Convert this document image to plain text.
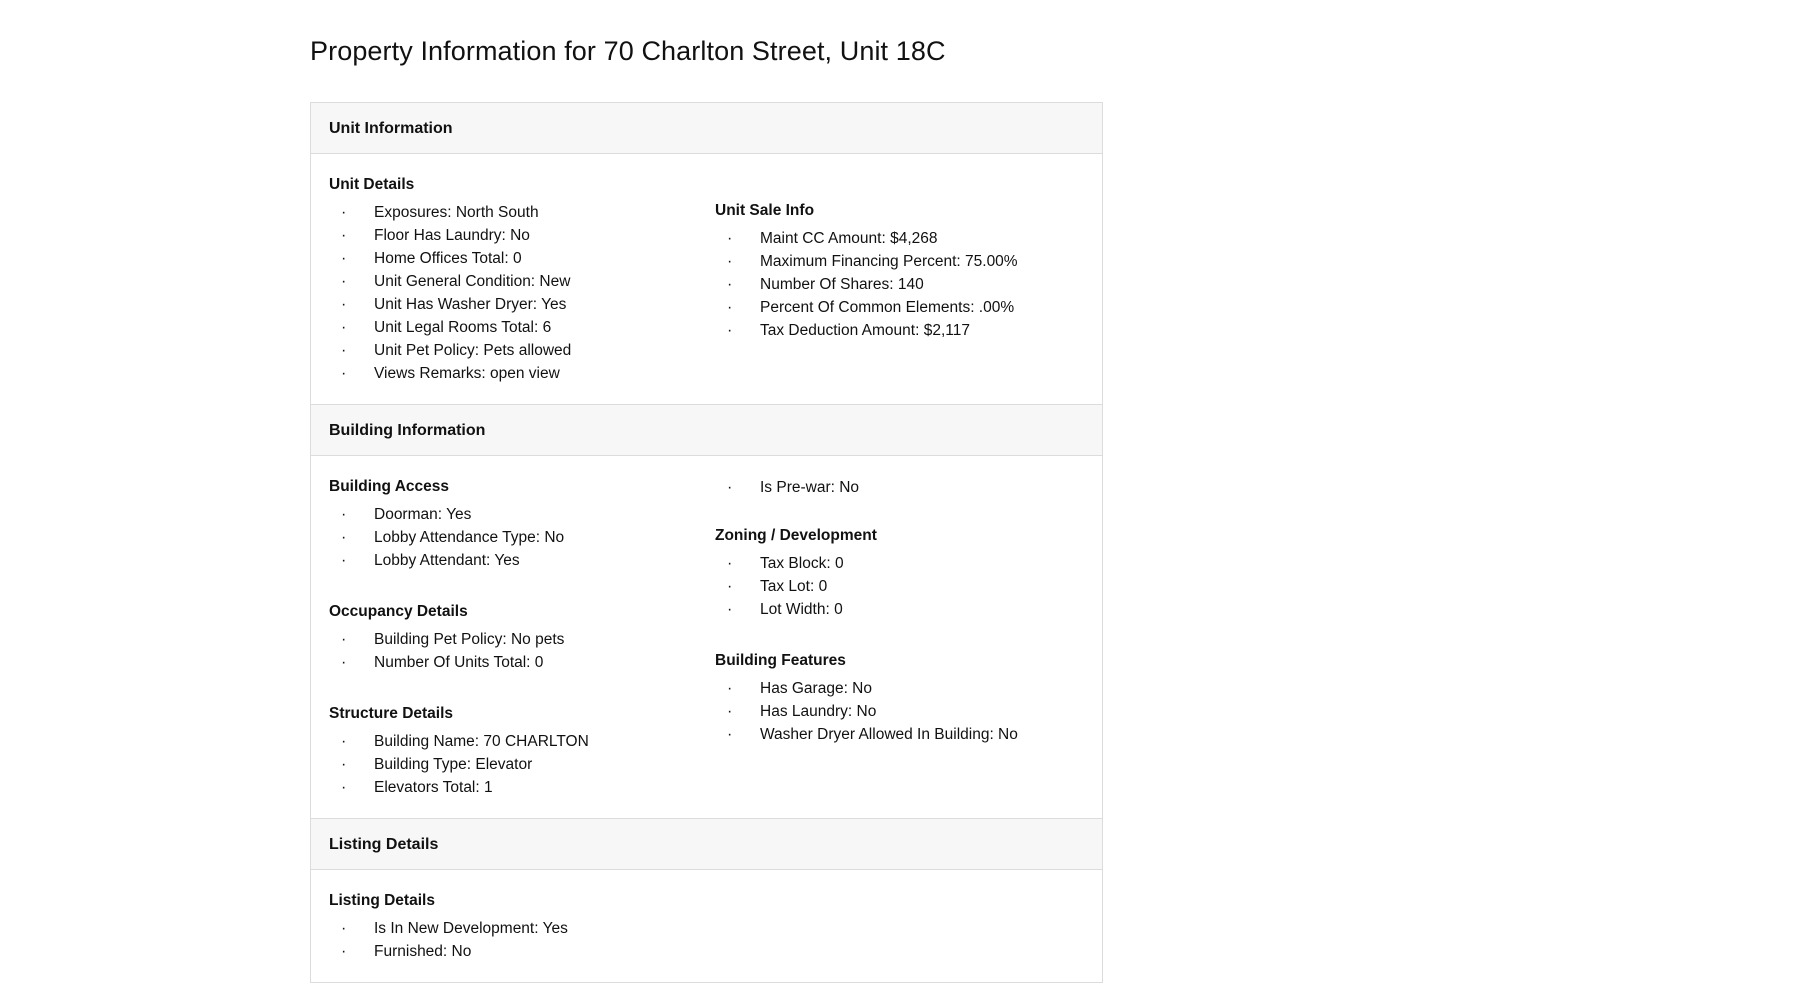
Property Information for 70 Charlton Street, Unit 18C
Unit Information
Unit Details
· Exposures: North South
· Floor Has Laundry: No
· Home Offices Total: 0
· Unit General Condition: New
· Unit Has Washer Dryer: Yes
· Unit Legal Rooms Total: 6
· Unit Pet Policy: Pets allowed
· Views Remarks: open view
Unit Sale Info
· Maint CC Amount: $4,268
· Maximum Financing Percent: 75.00%
· Number Of Shares: 140
· Percent Of Common Elements: .00%
· Tax Deduction Amount: $2,117
Building Information
Building Access
· Doorman: Yes
· Lobby Attendance Type: No
· Lobby Attendant: Yes
Occupancy Details
· Building Pet Policy: No pets
· Number Of Units Total: 0
Structure Details
· Building Name: 70 CHARLTON
· Building Type: Elevator
· Elevators Total: 1
· Is Pre-war: No
Zoning / Development
· Tax Block: 0
· Tax Lot: 0
· Lot Width: 0
Building Features
· Has Garage: No
· Has Laundry: No
· Washer Dryer Allowed In Building: No
Listing Details
Listing Details
· Is In New Development: Yes
· Furnished: No
